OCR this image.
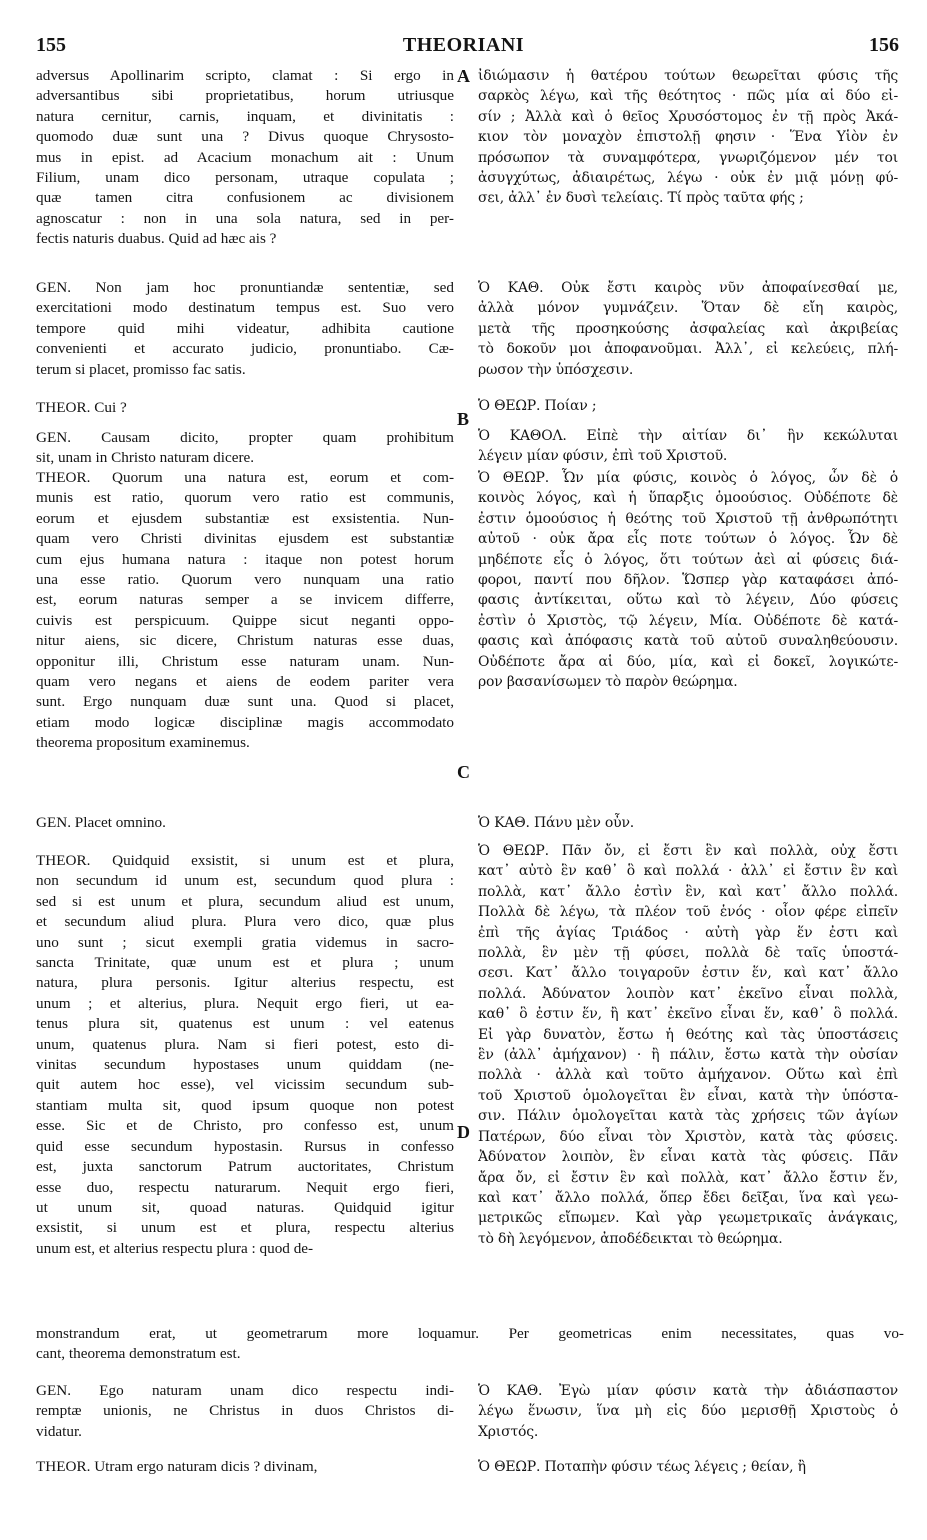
155	THEORIANI	156
A
B
C
D
adversus Apollinarim scripto, clamat : Si ergo in
adversantibus sibi proprietatibus, horum utriusque
natura cernitur, carnis, inquam, et divinitatis :
quomodo duæ sunt una ? Divus quoque Chrysosto-
mus in epist. ad Acacium monachum ait : Unum
Filium, unam dico personam, utraque copulata ;
quæ tamen citra confusionem ac divisionem
agnoscatur : non in una sola natura, sed in per-
fectis naturis duabus. Quid ad hæc ais ?
GEN. Non jam hoc pronuntiandæ sententiæ, sed
exercitationi modo destinatum tempus est. Suo vero
tempore quid mihi videatur, adhibita cautione
convenienti et accurato judicio, pronuntiabo. Cæ-
terum si placet, promisso fac satis.
THEOR. Cui ?
GEN. Causam dicito, propter quam prohibitum
sit, unam in Christo naturam dicere.
THEOR. Quorum una natura est, eorum et com-
munis est ratio, quorum vero ratio est communis,
eorum et ejusdem substantiæ est exsistentia. Nun-
quam vero Christi divinitas ejusdem est substantiæ
cum ejus humana natura : itaque non potest horum
una esse ratio. Quorum vero nunquam una ratio
est, eorum naturas semper a se invicem differre,
cuivis est perspicuum. Quippe sicut neganti oppo-
nitur aiens, sic dicere, Christum naturas esse duas,
opponitur illi, Christum esse naturam unam. Nun-
quam vero negans et aiens de eodem pariter vera
sunt. Ergo nunquam duæ sunt una. Quod si placet,
etiam modo logicæ disciplinæ magis accommodato
theorema propositum examinemus.
GEN. Placet omnino.
THEOR. Quidquid exsistit, si unum est et plura,
non secundum id unum est, secundum quod plura :
sed si est unum et plura, secundum aliud est unum,
et secundum aliud plura. Plura vero dico, quæ plus
uno sunt ; sicut exempli gratia videmus in sacro-
sancta Trinitate, quæ unum est et plura ; unum
natura, plura personis. Igitur alterius respectu, est
unum ; et alterius, plura. Nequit ergo fieri, ut ea-
tenus plura sit, quatenus est unum : vel eatenus
unum, quatenus plura. Nam si fieri potest, esto di-
vinitas secundum hypostases unum quiddam (ne-
quit autem hoc esse), vel vicissim secundum sub-
stantiam multa sit, quod ipsum quoque non potest
esse. Sic et de Christo, pro confesso est, unum
quid esse secundum hypostasin. Rursus in confesso
est, juxta sanctorum Patrum auctoritates, Christum
esse duo, respectu naturarum. Nequit ergo fieri,
ut unum sit, quoad naturas. Quidquid igitur
exsistit, si unum est et plura, respectu alterius
unum est, et alterius respectu plura : quod de-
ἰδιώμασιν ἡ θατέρου τούτων θεωρεῖται φύσις τῆς
σαρκὸς λέγω, καὶ τῆς θεότητος · πῶς μία αἱ δύο εἰ-
σίν ; Ἀλλὰ καὶ ὁ θεῖος Χρυσόστομος ἐν τῇ πρὸς Ἀκά-
κιον τὸν μοναχὸν ἐπιστολῇ φησιν · Ἕνα Υἱὸν ἐν
πρόσωπον τὰ συναμφότερα, γνωριζόμενον μέν τοι
ἀσυγχύτως, ἀδιαιρέτως, λέγω · οὐκ ἐν μιᾷ μόνῃ φύ-
σει, ἀλλ᾽ ἐν δυσὶ τελείαις. Τί πρὸς ταῦτα φής ;
Ὁ ΚΑΘ. Οὐκ ἔστι καιρὸς νῦν ἀποφαίνεσθαί με,
ἀλλὰ μόνον γυμνάζειν. Ὅταν δὲ εἴη καιρὸς,
μετὰ τῆς προσηκούσης ἀσφαλείας καὶ ἀκριβείας
τὸ δοκοῦν μοι ἀποφανοῦμαι. Ἀλλ᾽, εἰ κελεύεις, πλή-
ρωσον τὴν ὑπόσχεσιν.
Ὁ ΘΕΩΡ. Ποίαν ;
Ὁ ΚΑΘΟΛ. Εἰπὲ τὴν αἰτίαν δι᾽ ἣν κεκώλυται
λέγειν μίαν φύσιν, ἐπὶ τοῦ Χριστοῦ.
Ὁ ΘΕΩΡ. Ὧν μία φύσις, κοινὸς ὁ λόγος, ὧν δὲ ὁ
κοινὸς λόγος, καὶ ἡ ὕπαρξις ὁμοούσιος. Οὐδέποτε δὲ
ἐστιν ὁμοούσιος ἡ θεότης τοῦ Χριστοῦ τῇ ἀνθρωπότητι
αὐτοῦ · οὐκ ἄρα εἷς ποτε τούτων ὁ λόγος. Ὧν δὲ
μηδέποτε εἷς ὁ λόγος, ὅτι τούτων ἀεὶ αἱ φύσεις διά-
φοροι, παντί που δῆλον. Ὥσπερ γὰρ καταφάσει ἀπό-
φασις ἀντίκειται, οὕτω καὶ τὸ λέγειν, Δύο φύσεις
ἐστὶν ὁ Χριστὸς, τῷ λέγειν, Μία. Οὐδέποτε δὲ κατά-
φασις καὶ ἀπόφασις κατὰ τοῦ αὐτοῦ συναληθεύουσιν.
Οὐδέποτε ἄρα αἱ δύο, μία, καὶ εἰ δοκεῖ, λογικώτε-
ρον βασανίσωμεν τὸ παρὸν θεώρημα.
Ὁ ΚΑΘ. Πάνυ μὲν οὖν.
Ὁ ΘΕΩΡ. Πᾶν ὄν, εἰ ἔστι ἓν καὶ πολλὰ, οὐχ ἔστι
κατ᾽ αὐτὸ ἓν καθ᾽ ὃ καὶ πολλά · ἀλλ᾽ εἰ ἔστιν ἓν καὶ
πολλὰ, κατ᾽ ἄλλο ἐστὶν ἓν, καὶ κατ᾽ ἄλλο πολλά.
Πολλὰ δὲ λέγω, τὰ πλέον τοῦ ἑνός · οἷον φέρε εἰπεῖν
ἐπὶ τῆς ἁγίας Τριάδος · αὐτὴ γὰρ ἕν ἐστι καὶ
πολλὰ, ἓν μὲν τῇ φύσει, πολλὰ δὲ ταῖς ὑποστά-
σεσι. Κατ᾽ ἄλλο τοιγαροῦν ἐστιν ἕν, καὶ κατ᾽ ἄλλο
πολλά. Ἀδύνατον λοιπὸν κατ᾽ ἐκεῖνο εἶναι πολλὰ,
καθ᾽ ὃ ἐστιν ἕν, ἢ κατ᾽ ἐκεῖνο εἶναι ἕν, καθ᾽ ὃ πολλά.
Εἰ γὰρ δυνατὸν, ἔστω ἡ θεότης καὶ τὰς ὑποστάσεις
ἓν (ἀλλ᾽ ἀμήχανον) · ἢ πάλιν, ἔστω κατὰ τὴν οὐσίαν
πολλὰ · ἀλλὰ καὶ τοῦτο ἀμήχανον. Οὕτω καὶ ἐπὶ
τοῦ Χριστοῦ ὁμολογεῖται ἓν εἶναι, κατὰ τὴν ὑπόστα-
σιν. Πάλιν ὁμολογεῖται κατὰ τὰς χρήσεις τῶν ἁγίων
Πατέρων, δύο εἶναι τὸν Χριστὸν, κατὰ τὰς φύσεις.
Ἀδύνατον λοιπὸν, ἓν εἶναι κατὰ τὰς φύσεις. Πᾶν
ἄρα ὄν, εἰ ἔστιν ἓν καὶ πολλὰ, κατ᾽ ἄλλο ἔστιν ἕν,
καὶ κατ᾽ ἄλλο πολλά, ὅπερ ἔδει δεῖξαι, ἵνα καὶ γεω-
μετρικῶς εἴπωμεν. Καὶ γὰρ γεωμετρικαῖς ἀνάγκαις,
τὸ δὴ λεγόμενον, ἀποδέδεικται τὸ θεώρημα.
monstrandum erat, ut geometrarum more loquamur. Per geometricas enim necessitates, quas vo-
cant, theorema demonstratum est.
GEN. Ego naturam unam dico respectu indi-
remptæ unionis, ne Christus in duos Christos di-
vidatur.
THEOR. Utram ergo naturam dicis ? divinam,
Ὁ ΚΑΘ. Ἐγὼ μίαν φύσιν κατὰ τὴν ἀδιάσπαστον
λέγω ἕνωσιν, ἵνα μὴ εἰς δύο μερισθῇ Χριστοὺς ὁ
Χριστός.
Ὁ ΘΕΩΡ. Ποταπὴν φύσιν τέως λέγεις ; θείαν, ἢ
